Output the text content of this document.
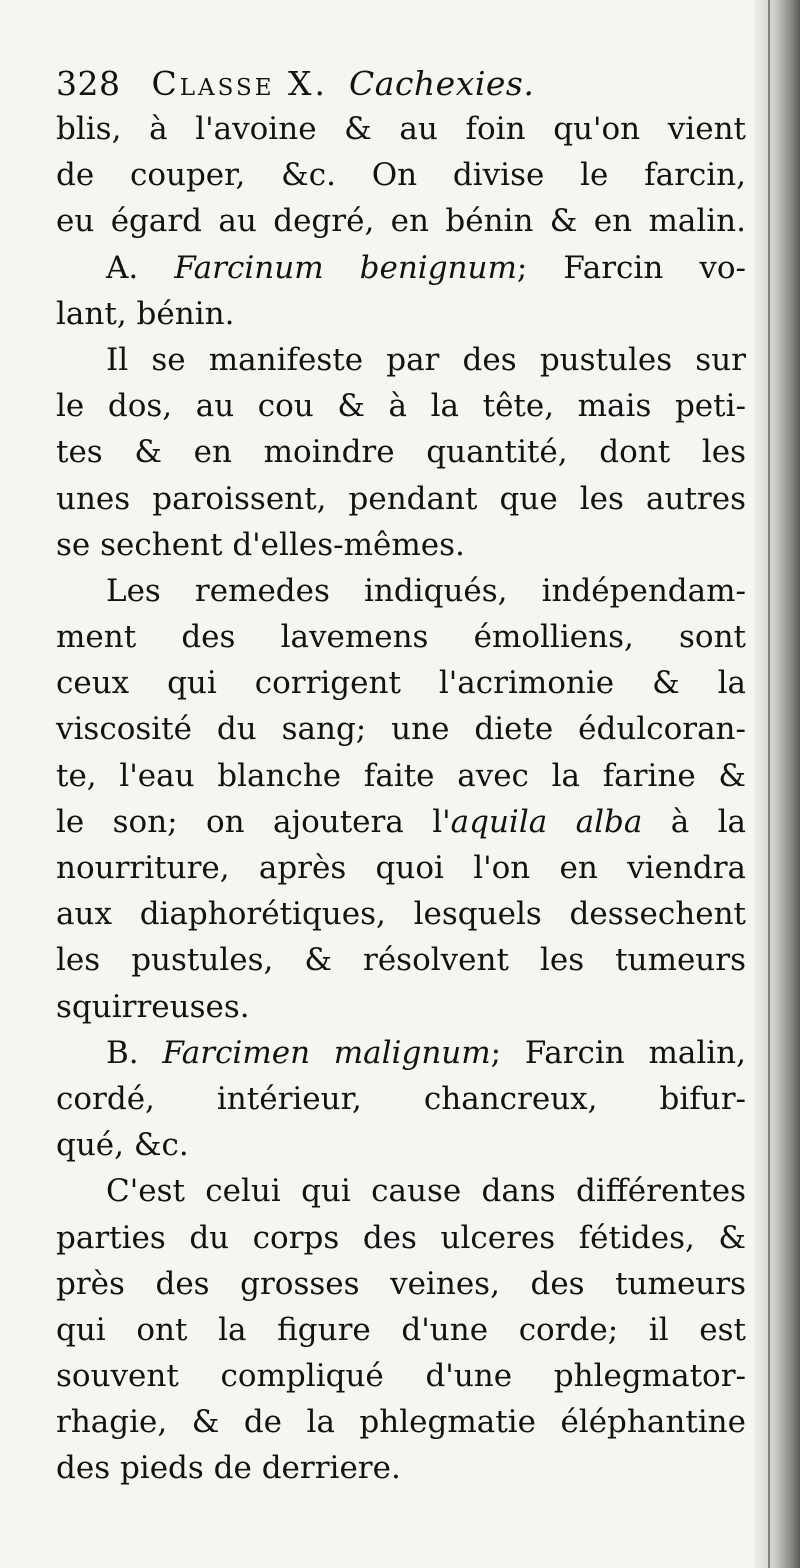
328 Classe X. Cachexies.
blis, à l'avoine & au foin qu'on vient
de couper, &c. On divise le farcin,
eu égard au degré, en bénin & en malin.
A. Farcinum benignum; Farcin vo-
lant, bénin.
Il se manifeste par des pustules sur
le dos, au cou & à la tête, mais peti-
tes & en moindre quantité, dont les
unes paroissent, pendant que les autres
se sechent d'elles-mêmes.
Les remedes indiqués, indépendam-
ment des lavemens émolliens, sont
ceux qui corrigent l'acrimonie & la
viscosité du sang; une diete édulcoran-
te, l'eau blanche faite avec la farine &
le son; on ajoutera l'aquila alba à la
nourriture, après quoi l'on en viendra
aux diaphorétiques, lesquels dessechent
les pustules, & résolvent les tumeurs
squirreuses.
B. Farcimen malignum; Farcin malin,
cordé, intérieur, chancreux, bifur-
qué, &c.
C'est celui qui cause dans différentes
parties du corps des ulceres fétides, &
près des grosses veines, des tumeurs
qui ont la figure d'une corde; il est
souvent compliqué d'une phlegmator-
rhagie, & de la phlegmatie éléphantine
des pieds de derriere.
